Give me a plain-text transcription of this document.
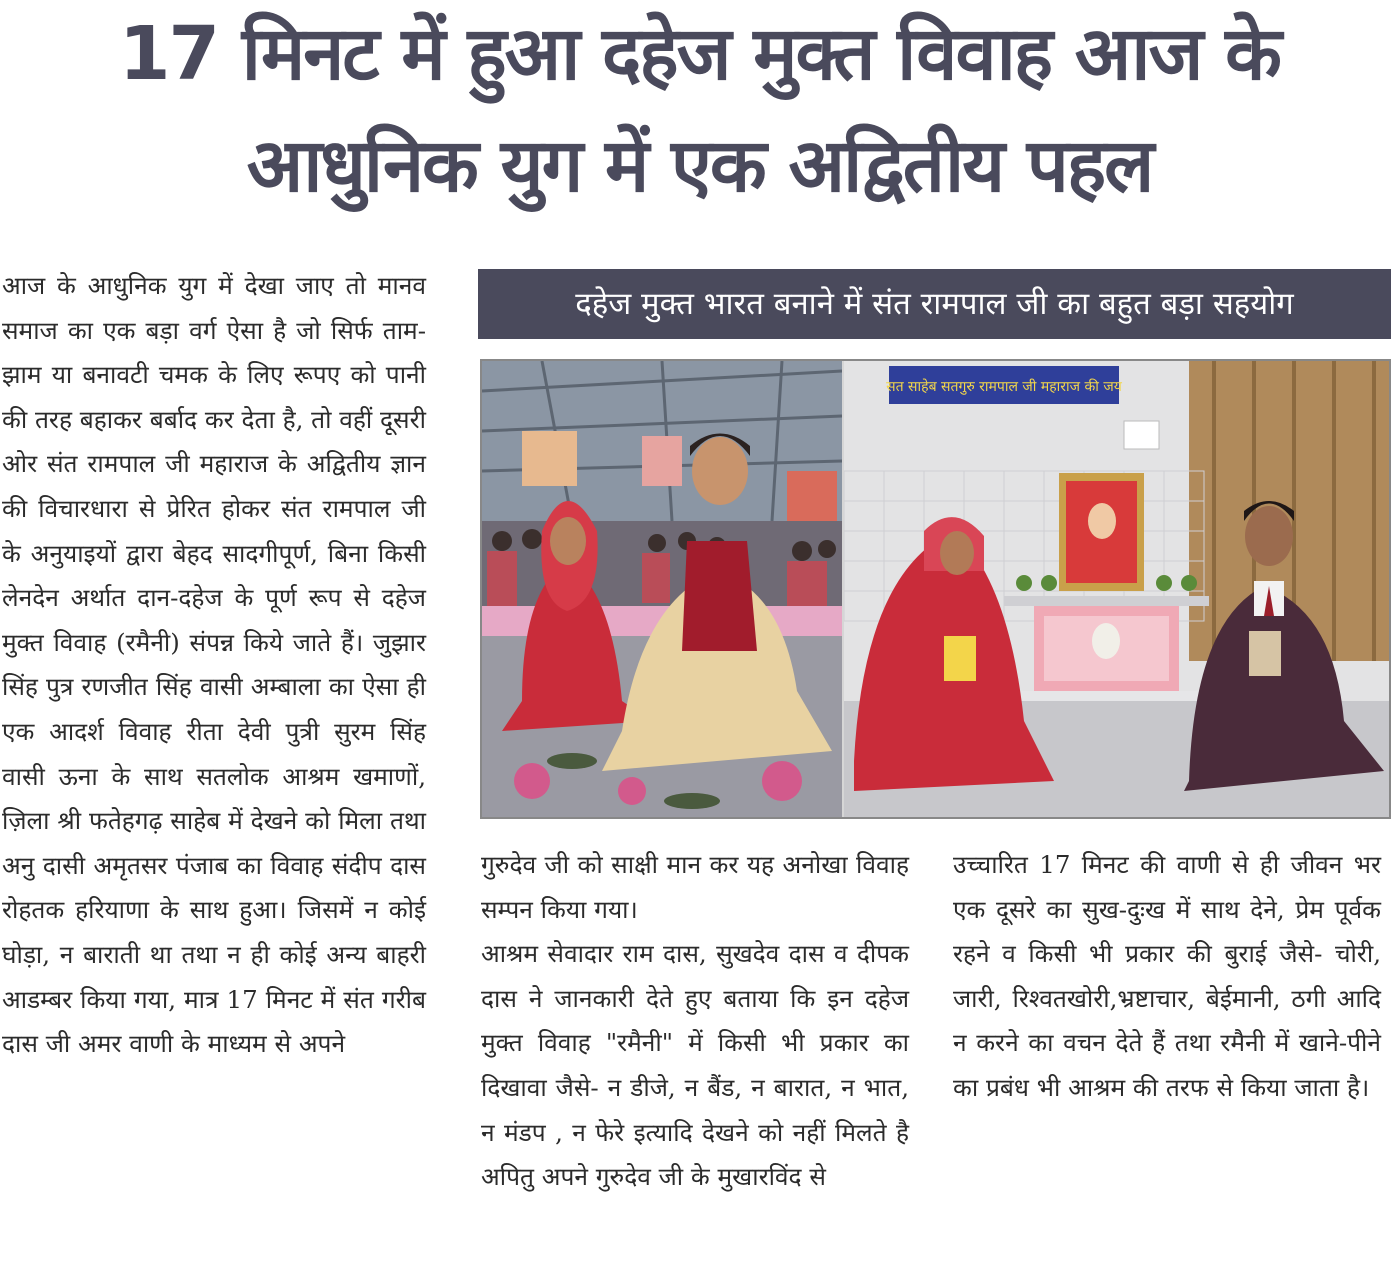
17 मिनट में हुआ दहेज मुक्त विवाह आज के
आधुनिक युग में एक अद्वितीय पहल

आज के आधुनिक युग में देखा जाए तो मानव समाज का एक बड़ा वर्ग ऐसा है जो सिर्फ ताम-झाम या बनावटी चमक के लिए रूपए को पानी की तरह बहाकर बर्बाद कर देता है, तो वहीं दूसरी ओर संत रामपाल जी महाराज के अद्वितीय ज्ञान की विचारधारा से प्रेरित होकर संत रामपाल जी के अनुयाइयों द्वारा बेहद सादगीपूर्ण, बिना किसी लेनदेन अर्थात दान-दहेज के पूर्ण रूप से दहेज मुक्त विवाह (रमैनी) संपन्न किये जाते हैं। जुझार सिंह पुत्र रणजीत सिंह वासी अम्बाला का ऐसा ही एक आदर्श विवाह रीता देवी पुत्री सुरम सिंह वासी ऊना के साथ सतलोक आश्रम खमाणों, ज़िला श्री फतेहगढ़ साहेब में देखने को मिला तथा अनु दासी अमृतसर पंजाब का विवाह संदीप दास रोहतक हरियाणा के साथ हुआ। जिसमें न कोई घोड़ा, न बाराती था तथा न ही कोई अन्य बाहरी आडम्बर किया गया, मात्र 17 मिनट में संत गरीब दास जी अमर वाणी के माध्यम से अपने

दहेज मुक्त भारत बनाने में संत रामपाल जी का बहुत बड़ा सहयोग
सत साहेब सतगुरु रामपाल जी महाराज की जय

गुरुदेव जी को साक्षी मान कर यह अनोखा विवाह सम्पन किया गया।

आश्रम सेवादार राम दास, सुखदेव दास व दीपक दास ने जानकारी देते हुए बताया कि इन दहेज मुक्त विवाह "रमैनी" में किसी भी प्रकार का दिखावा जैसे- न डीजे, न बैंड, न बारात, न भात, न मंडप , न फेरे इत्यादि देखने को नहीं मिलते है अपितु अपने गुरुदेव जी के मुखारविंद से

उच्चारित 17 मिनट की वाणी से ही जीवन भर एक दूसरे का सुख-दुःख में साथ देने, प्रेम पूर्वक रहने व किसी भी प्रकार की बुराई जैसे- चोरी, जारी, रिश्वतखोरी,भ्रष्टाचार, बेईमानी, ठगी आदि न करने का वचन देते हैं तथा रमैनी में खाने-पीने का प्रबंध भी आश्रम की तरफ से किया जाता है।
